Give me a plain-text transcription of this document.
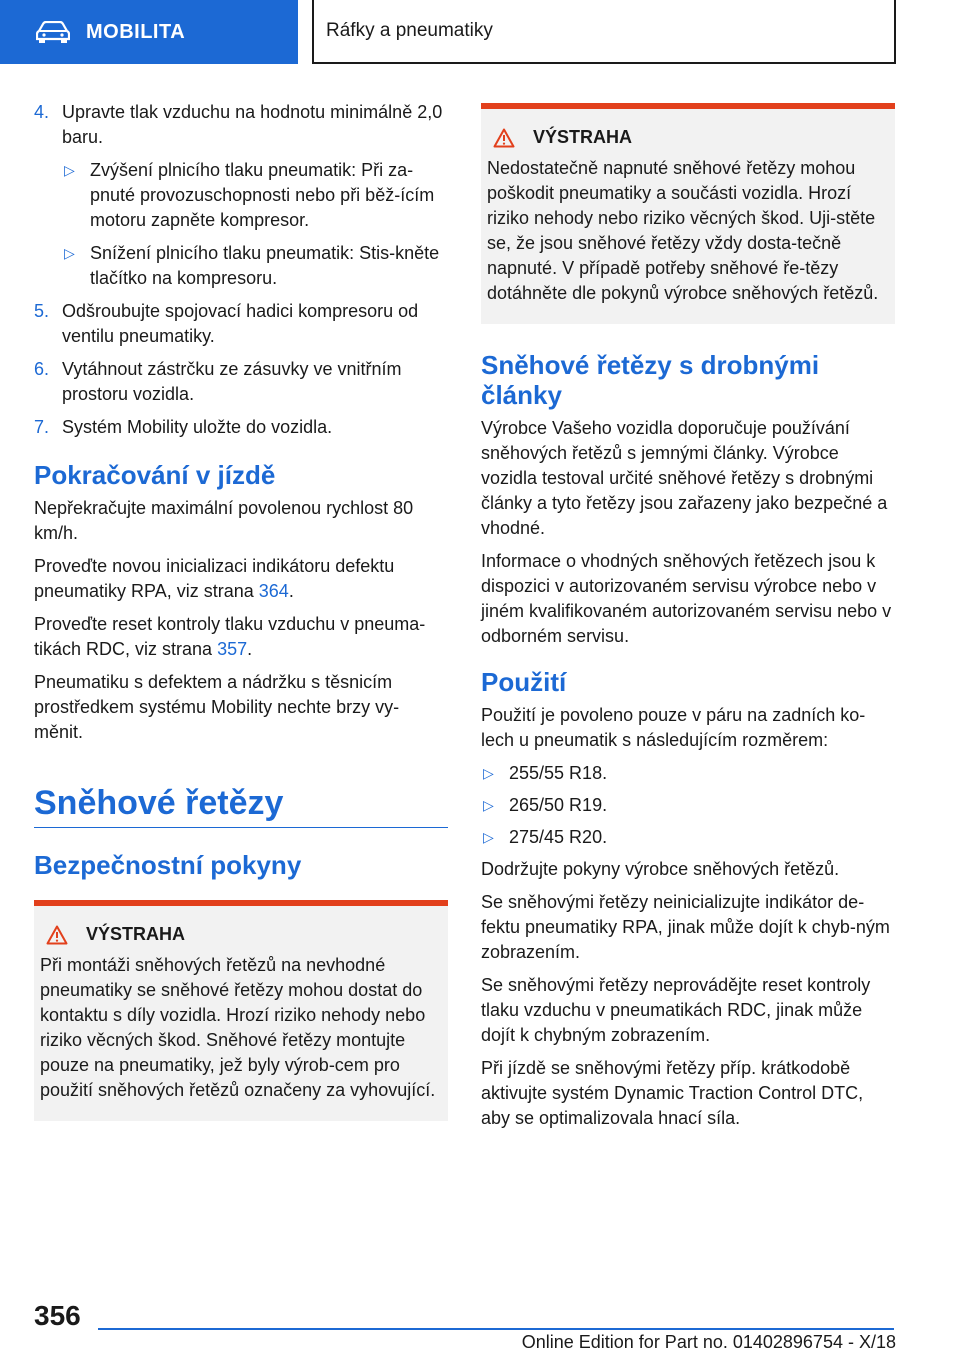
MOBILITA	Ráfky a pneumatiky
4. Upravte tlak vzduchu na hodnotu minimálně 2,0 baru.
▷ Zvýšení plnicího tlaku pneumatik: Při za-pnuté provozuschopnosti nebo při běž-ícím motoru zapněte kompresor.
▷ Snížení plnicího tlaku pneumatik: Stis-kněte tlačítko na kompresoru.
5. Odšroubujte spojovací hadici kompresoru od ventilu pneumatiky.
6. Vytáhnout zástrčku ze zásuvky ve vnitřním prostoru vozidla.
7. Systém Mobility uložte do vozidla.
Pokračování v jízdě

Nepřekračujte maximální povolenou rychlost 80 km/h.

Proveďte novou inicializaci indikátoru defektu pneumatiky RPA, viz strana 364.

Proveďte reset kontroly tlaku vzduchu v pneuma-tikách RDC, viz strana 357.

Pneumatiku s defektem a nádržku s těsnicím prostředkem systému Mobility nechte brzy vy-měnit.

Sněhové řetězy
Bezpečnostní pokyny
VÝSTRAHA

Při montáži sněhových řetězů na nevhodné pneumatiky se sněhové řetězy mohou dostat do kontaktu s díly vozidla. Hrozí riziko nehody nebo riziko věcných škod. Sněhové řetězy montujte pouze na pneumatiky, jež byly výrob-cem pro použití sněhových řetězů označeny za vyhovující.

VÝSTRAHA

Nedostatečně napnuté sněhové řetězy mohou poškodit pneumatiky a součásti vozidla. Hrozí riziko nehody nebo riziko věcných škod. Uji-stěte se, že jsou sněhové řetězy vždy dosta-tečně napnuté. V případě potřeby sněhové ře-tězy dotáhněte dle pokynů výrobce sněhových řetězů.

Sněhové řetězy s drobnými články

Výrobce Vašeho vozidla doporučuje používání sněhových řetězů s jemnými články. Výrobce vozidla testoval určité sněhové řetězy s drobnými články a tyto řetězy jsou zařazeny jako bezpečné a vhodné.

Informace o vhodných sněhových řetězech jsou k dispozici v autorizovaném servisu výrobce nebo v jiném kvalifikovaném autorizovaném servisu nebo v odborném servisu.

Použití

Použití je povoleno pouze v páru na zadních ko-lech u pneumatik s následujícím rozměrem:

▷ 255/55 R18.
▷ 265/50 R19.
▷ 275/45 R20.

Dodržujte pokyny výrobce sněhových řetězů.

Se sněhovými řetězy neinicializujte indikátor de-fektu pneumatiky RPA, jinak může dojít k chyb-ným zobrazením.

Se sněhovými řetězy neprovádějte reset kontroly tlaku vzduchu v pneumatikách RDC, jinak může dojít k chybným zobrazením.

Při jízdě se sněhovými řetězy příp. krátkodobě aktivujte systém Dynamic Traction Control DTC, aby se optimalizovala hnací síla.

356
Online Edition for Part no. 01402896754 - X/18
